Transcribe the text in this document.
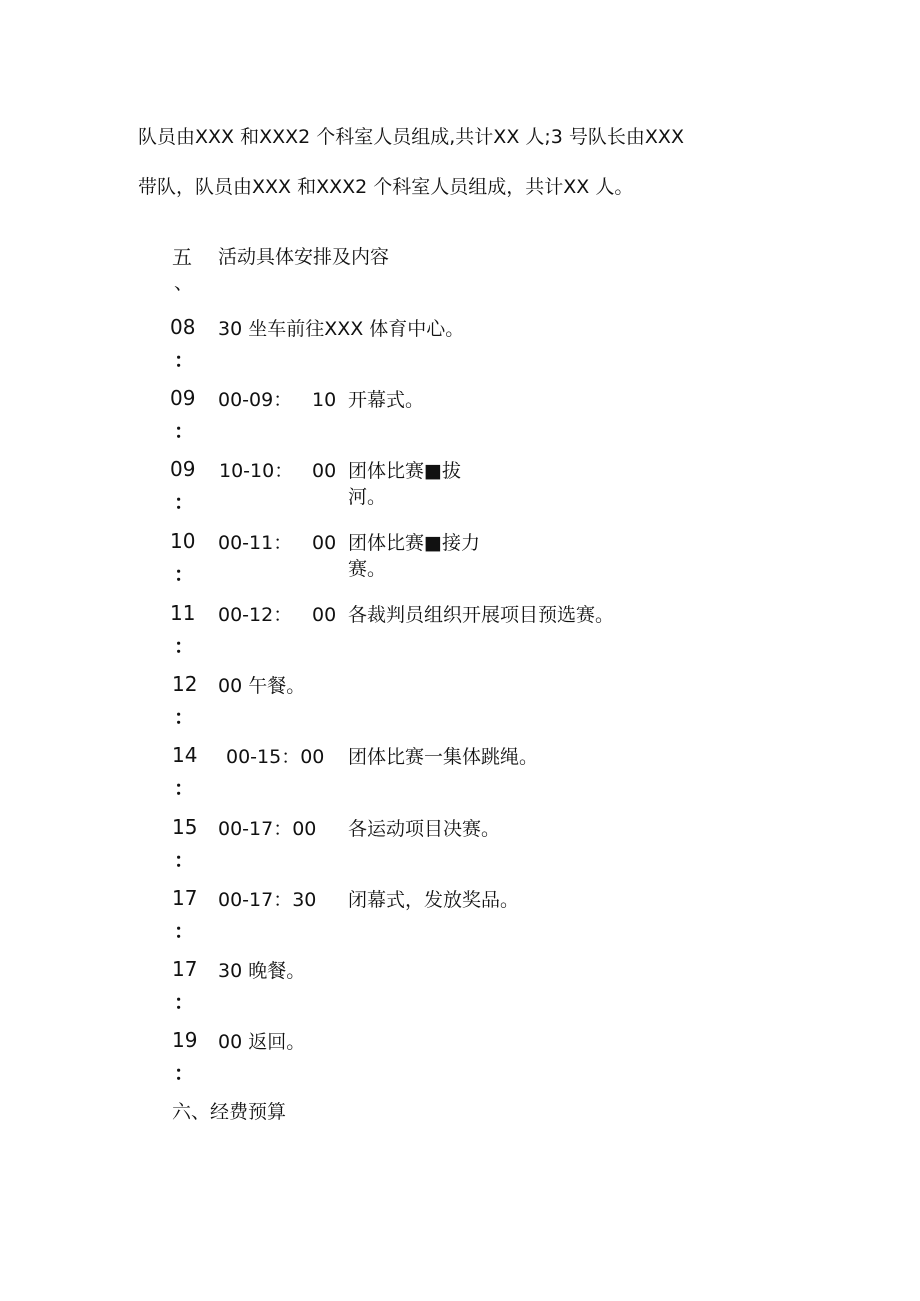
队员由XXX 和XXX2 个科室人员组成,共计XX 人;3 号队长由XXX
带队，队员由XXX 和XXX2 个科室人员组成，共计XX 人。
五
、
活动具体安排及内容
08
：
30 坐车前往XXX 体育中心。
09
：
00-09： 10 开幕式。
09
：
10-10： 00 团体比赛■拔河。
10
：
00-11： 00 团体比赛■接力赛。
11
：
00-12： 00 各裁判员组织开展项目预选赛。
12
：
00 午餐。
14
：
00-15：00 团体比赛一集体跳绳。
15
：
00-17：00 各运动项目决赛。
17
：
00-17：30 闭幕式，发放奖品。
17
：
30 晚餐。
19
：
00 返回。
六、经费预算
